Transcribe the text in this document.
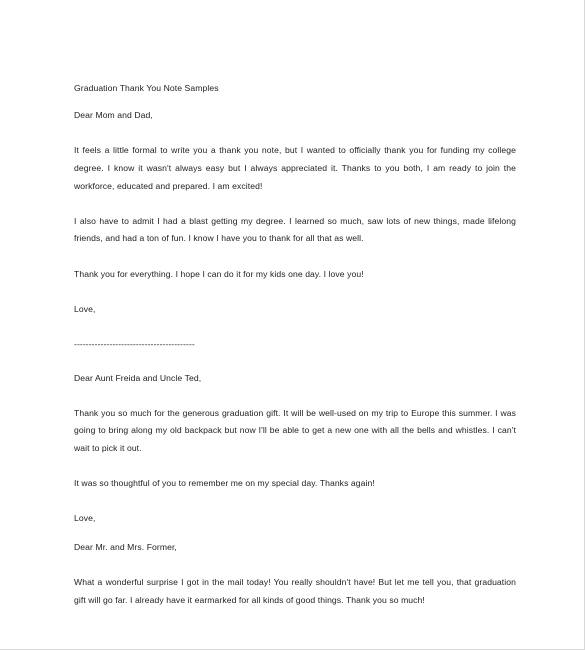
Graduation Thank You Note Samples

Dear Mom and Dad,

It feels a little formal to write you a thank you note, but I wanted to officially thank you for funding my college degree. I know it wasn't always easy but I always appreciated it. Thanks to you both, I am ready to join the workforce, educated and prepared. I am excited!

I also have to admit I had a blast getting my degree. I learned so much, saw lots of new things, made lifelong friends, and had a ton of fun. I know I have you to thank for all that as well.

Thank you for everything. I hope I can do it for my kids one day. I love you!

Love,

-----------------------------------------

Dear Aunt Freida and Uncle Ted,

Thank you so much for the generous graduation gift. It will be well-used on my trip to Europe this summer. I was going to bring along my old backpack but now I'll be able to get a new one with all the bells and whistles. I can't wait to pick it out.

It was so thoughtful of you to remember me on my special day. Thanks again!

Love,

Dear Mr. and Mrs. Former,

What a wonderful surprise I got in the mail today! You really shouldn't have! But let me tell you, that graduation gift will go far. I already have it earmarked for all kinds of good things. Thank you so much!
